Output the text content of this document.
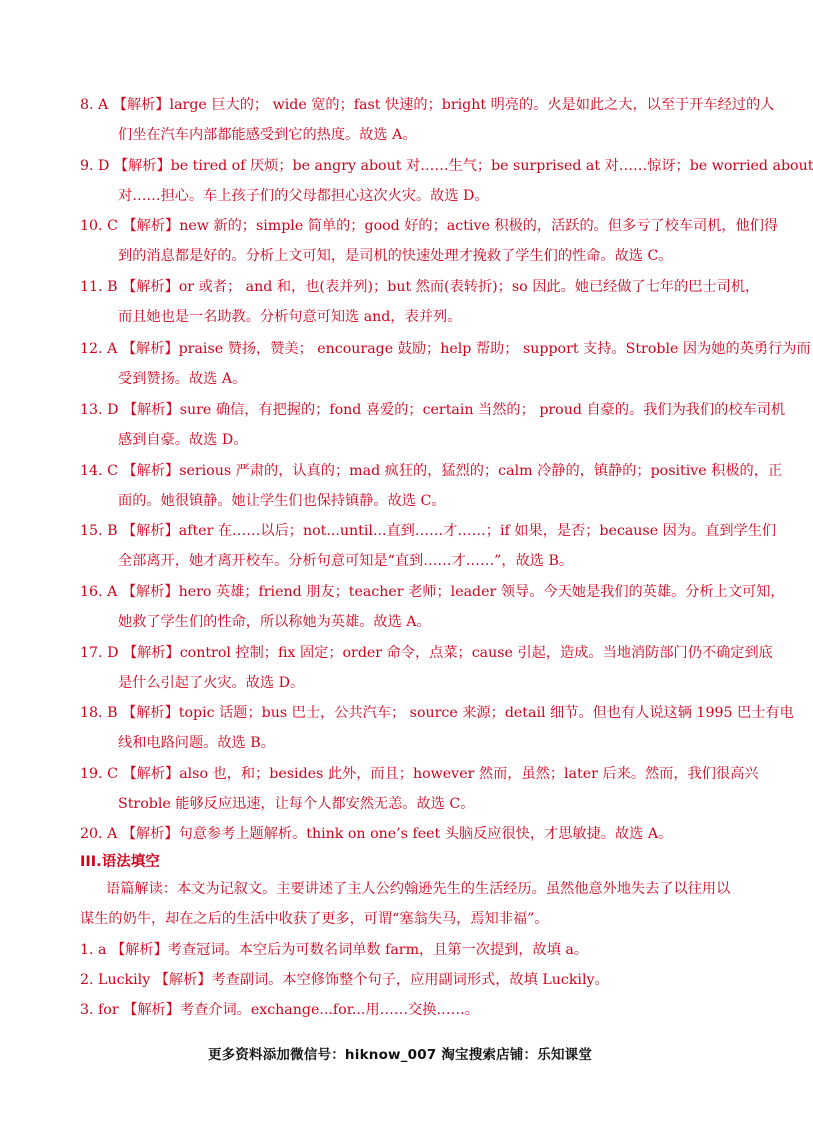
8. A 【解析】large 巨大的； wide 宽的；fast 快速的；bright 明亮的。火是如此之大，以至于开车经过的人
们坐在汽车内部都能感受到它的热度。故选 A。
9. D 【解析】be tired of 厌烦；be angry about 对……生气；be surprised at 对……惊讶；be worried about
对……担心。车上孩子们的父母都担心这次火灾。故选 D。
10. C 【解析】new 新的；simple 简单的；good 好的；active 积极的，活跃的。但多亏了校车司机，他们得
到的消息都是好的。分析上文可知，是司机的快速处理才挽救了学生们的性命。故选 C。
11. B 【解析】or 或者； and 和，也(表并列)；but 然而(表转折)；so 因此。她已经做了七年的巴士司机，
而且她也是一名助教。分析句意可知选 and，表并列。
12. A 【解析】praise 赞扬，赞美； encourage 鼓励；help 帮助； support 支持。Stroble 因为她的英勇行为而
受到赞扬。故选 A。
13. D 【解析】sure 确信，有把握的；fond 喜爱的；certain 当然的； proud 自豪的。我们为我们的校车司机
感到自豪。故选 D。
14. C 【解析】serious 严肃的，认真的；mad 疯狂的，猛烈的；calm 冷静的，镇静的；positive 积极的，正
面的。她很镇静。她让学生们也保持镇静。故选 C。
15. B 【解析】after 在……以后；not...until...直到……才……；if 如果，是否；because 因为。直到学生们
全部离开，她才离开校车。分析句意可知是“直到……才……”，故选 B。
16. A 【解析】hero 英雄；friend 朋友；teacher 老师；leader 领导。今天她是我们的英雄。分析上文可知，
她救了学生们的性命，所以称她为英雄。故选 A。
17. D 【解析】control 控制；fix 固定；order 命令，点菜；cause 引起，造成。当地消防部门仍不确定到底
是什么引起了火灾。故选 D。
18. B 【解析】topic 话题；bus 巴士，公共汽车； source 来源；detail 细节。但也有人说这辆 1995 巴士有电
线和电路问题。故选 B。
19. C 【解析】also 也，和；besides 此外，而且；however 然而，虽然；later 后来。然而，我们很高兴
Stroble 能够反应迅速，让每个人都安然无恙。故选 C。
20. A 【解析】句意参考上题解析。think on one’s feet 头脑反应很快，才思敏捷。故选 A。
III.语法填空
语篇解读：本文为记叙文。主要讲述了主人公约翰逊先生的生活经历。虽然他意外地失去了以往用以
谋生的奶牛，却在之后的生活中收获了更多，可谓“塞翁失马，焉知非福”。
1. a 【解析】考查冠词。本空后为可数名词单数 farm，且第一次提到，故填 a。
2. Luckily 【解析】考查副词。本空修饰整个句子，应用副词形式，故填 Luckily。
3. for 【解析】考查介词。exchange...for...用……交换……。
更多资料添加微信号：hiknow_007 淘宝搜索店铺：乐知课堂
